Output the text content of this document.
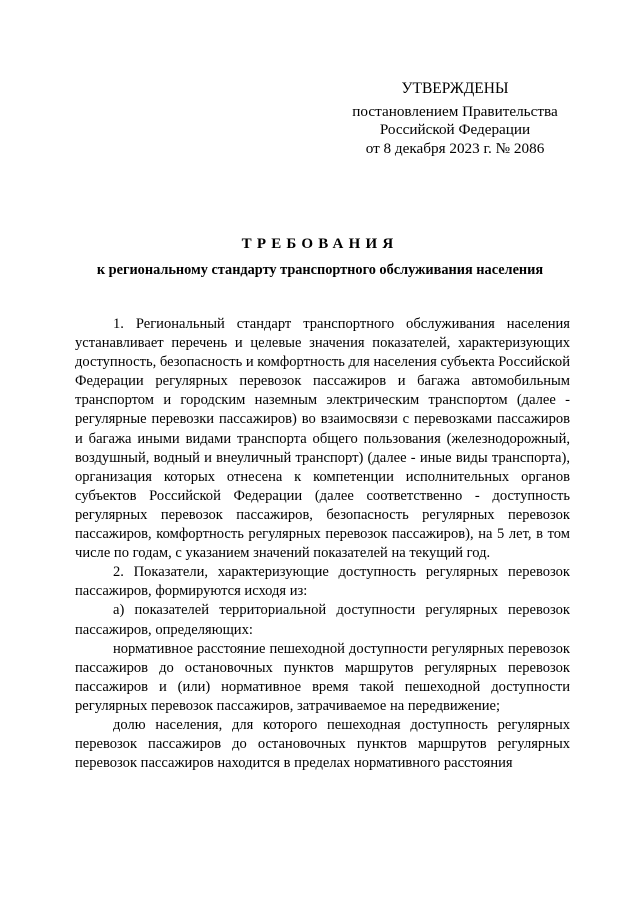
УТВЕРЖДЕНЫ
постановлением Правительства
Российской Федерации
от 8 декабря 2023 г. № 2086
ТРЕБОВАНИЯ
к региональному стандарту транспортного обслуживания населения

1. Региональный стандарт транспортного обслуживания населения устанавливает перечень и целевые значения показателей, характеризующих доступность, безопасность и комфортность для населения субъекта Российской Федерации регулярных перевозок пассажиров и багажа автомобильным транспортом и городским наземным электрическим транспортом (далее - регулярные перевозки пассажиров) во взаимосвязи с перевозками пассажиров и багажа иными видами транспорта общего пользования (железнодорожный, воздушный, водный и внеуличный транспорт) (далее - иные виды транспорта), организация которых отнесена к компетенции исполнительных органов субъектов Российской Федерации (далее соответственно - доступность регулярных перевозок пассажиров, безопасность регулярных перевозок пассажиров, комфортность регулярных перевозок пассажиров), на 5 лет, в том числе по годам, с указанием значений показателей на текущий год.

2. Показатели, характеризующие доступность регулярных перевозок пассажиров, формируются исходя из:

а) показателей территориальной доступности регулярных перевозок пассажиров, определяющих:

нормативное расстояние пешеходной доступности регулярных перевозок пассажиров до остановочных пунктов маршрутов регулярных перевозок пассажиров и (или) нормативное время такой пешеходной доступности регулярных перевозок пассажиров, затрачиваемое на передвижение;

долю населения, для которого пешеходная доступность регулярных перевозок пассажиров до остановочных пунктов маршрутов регулярных перевозок пассажиров находится в пределах нормативного расстояния
